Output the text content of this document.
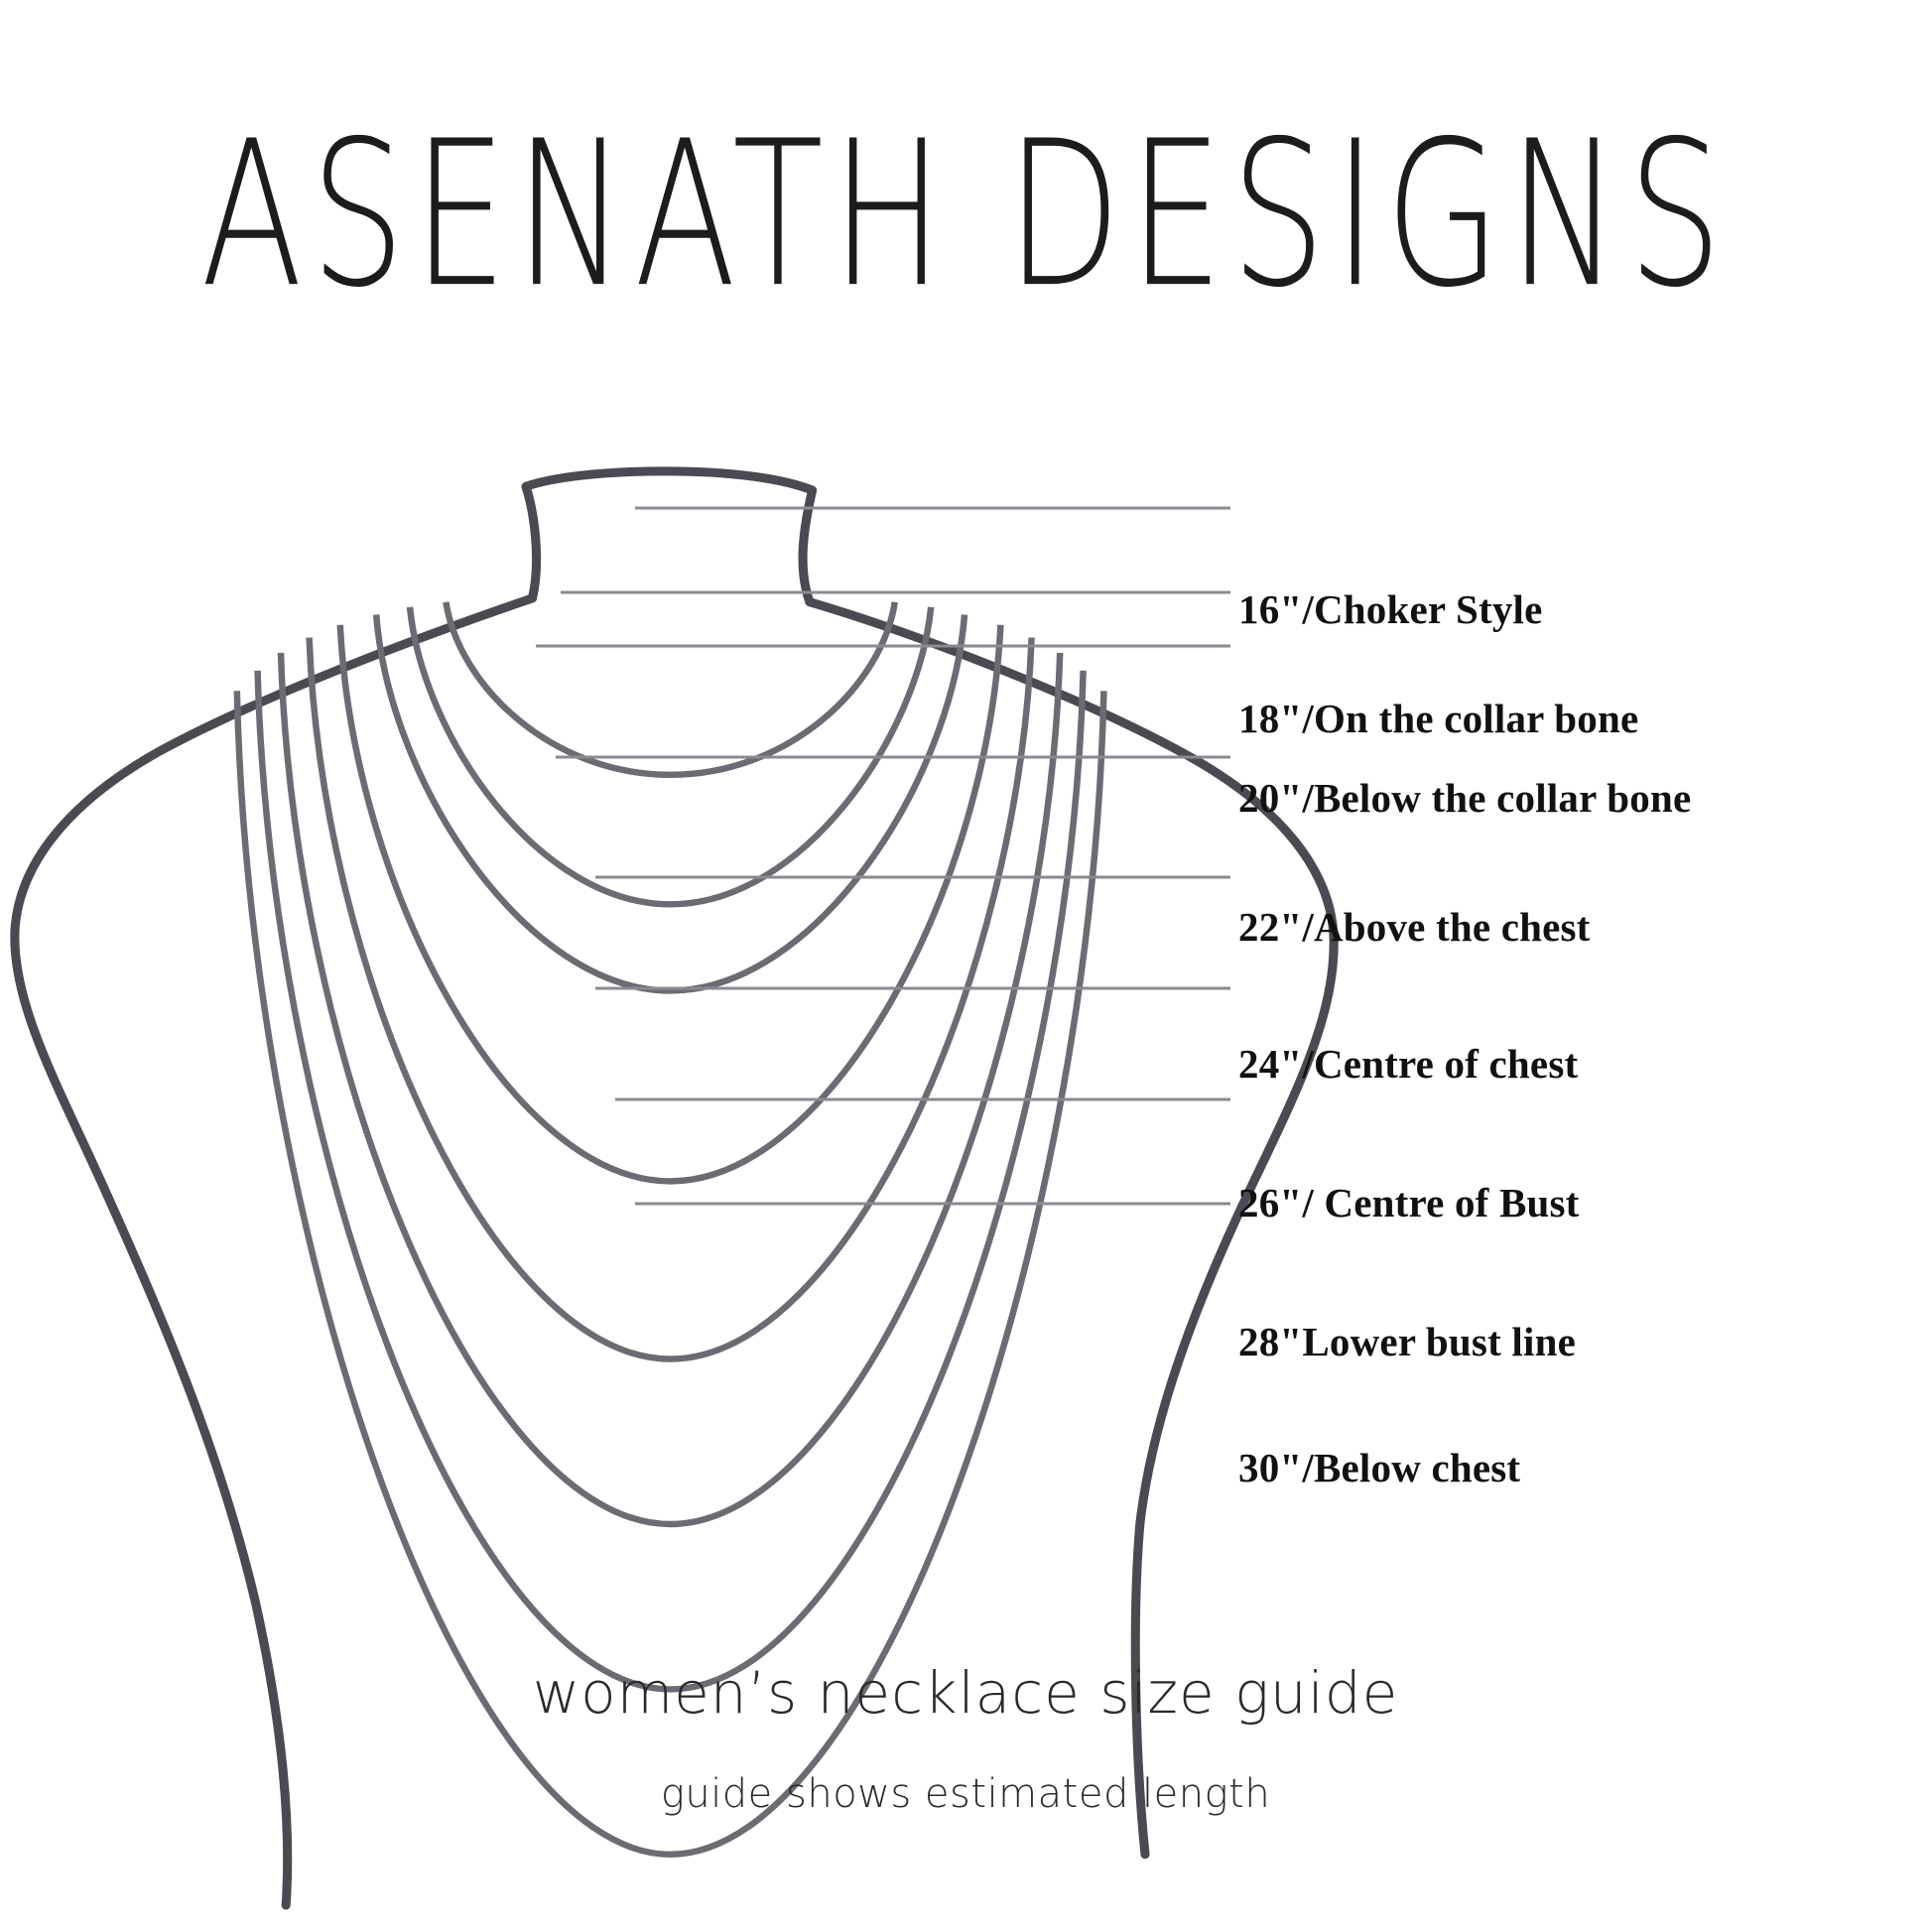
ASENATH DESIGNS
16"/Choker Style
18"/On the collar bone
20"/Below the collar bone
22"/Above the chest
24"/Centre of chest
26"/ Centre of Bust
28"Lower bust line
30"/Below chest
women’s necklace size guide
guide shows estimated length
